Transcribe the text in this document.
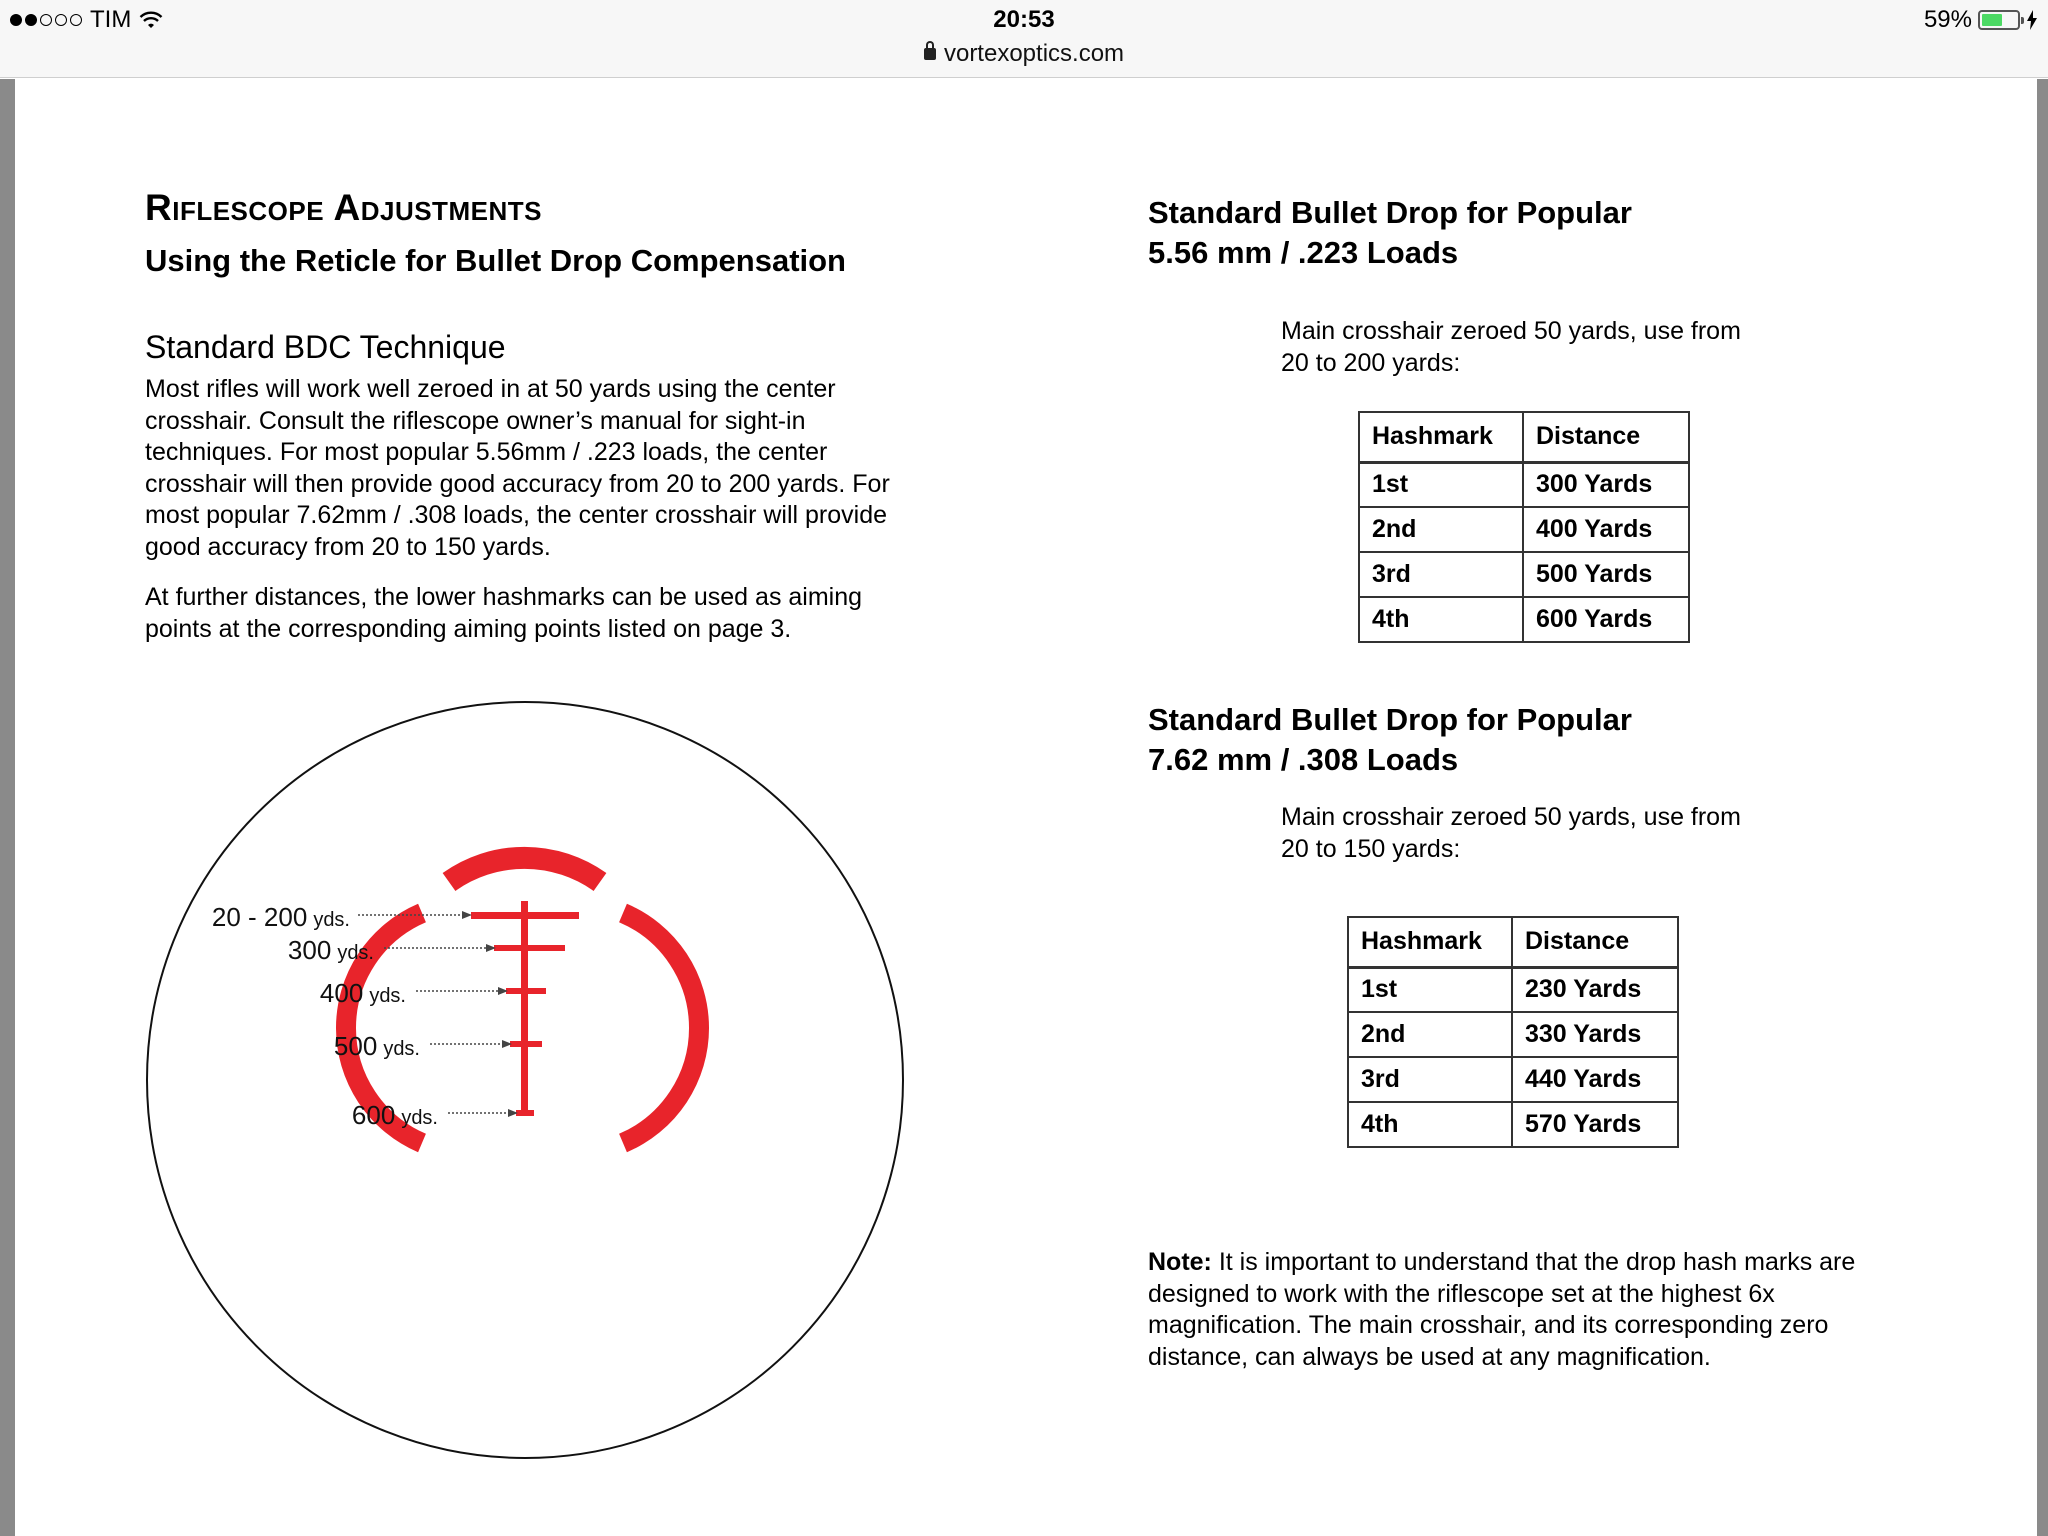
TIM	20:53	59%
vortexoptics.com
Riflescope Adjustments
Using the Reticle for Bullet Drop Compensation
Standard BDC Technique
Most rifles will work well zeroed in at 50 yards using the center crosshair. Consult the riflescope owner’s manual for sight-in techniques. For most popular 5.56mm / .223 loads, the center crosshair will then provide good accuracy from 20 to 200 yards. For most popular 7.62mm / .308 loads, the center crosshair will provide good accuracy from 20 to 150 yards.
At further distances, the lower hashmarks can be used as aiming points at the corresponding aiming points listed on page 3.
20 - 200 yds.
300 yds.
400 yds.
500 yds.
600 yds.
Standard Bullet Drop for Popular
5.56 mm / .223 Loads
Main crosshair zeroed 50 yards, use from
20 to 200 yards:
Hashmark	Distance
1st	300 Yards
2nd	400 Yards
3rd	500 Yards
4th	600 Yards
Standard Bullet Drop for Popular
7.62 mm / .308 Loads
Main crosshair zeroed 50 yards, use from
20 to 150 yards:
Hashmark	Distance
1st	230 Yards
2nd	330 Yards
3rd	440 Yards
4th	570 Yards
Note: It is important to understand that the drop hash marks are designed to work with the riflescope set at the highest 6x magnification. The main crosshair, and its corresponding zero distance, can always be used at any magnification.
